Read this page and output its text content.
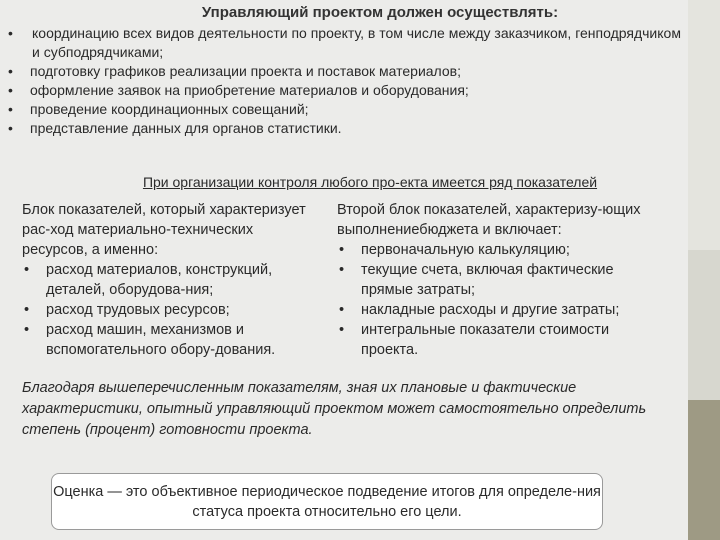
Управляющий проектом должен осуществлять:
• координацию всех видов деятельности по проекту, в том числе между заказчиком, генподрядчиком и субподрядчиками;
• подготовку графиков реализации проекта и поставок материалов;
• оформление заявок на приобретение материалов и оборудования;
• проведение координационных совещаний;
• представление данных для органов статистики.
При организации контроля любого про-екта имеется ряд показателей
Блок показателей, который характеризует рас-ход материально-технических ресурсов, а именно:
• расход материалов, конструкций, деталей, оборудова-ния;
• расход трудовых ресурсов;
• расход машин, механизмов и вспомогательного обору-дования.
Второй блок показателей, характеризу-ющих выполнениебюджета и включает:
• первоначальную калькуляцию;
• текущие счета, включая фактические прямые затраты;
• накладные расходы и другие затраты;
• интегральные показатели стоимости проекта.
Благодаря вышеперечисленным показателям, зная их плановые и фактические характеристики, опытный управляющий проектом может самостоятельно определить степень (процент) готовности проекта.
Оценка — это объективное периодическое подведение итогов для определе-ния статуса проекта относительно его цели.
